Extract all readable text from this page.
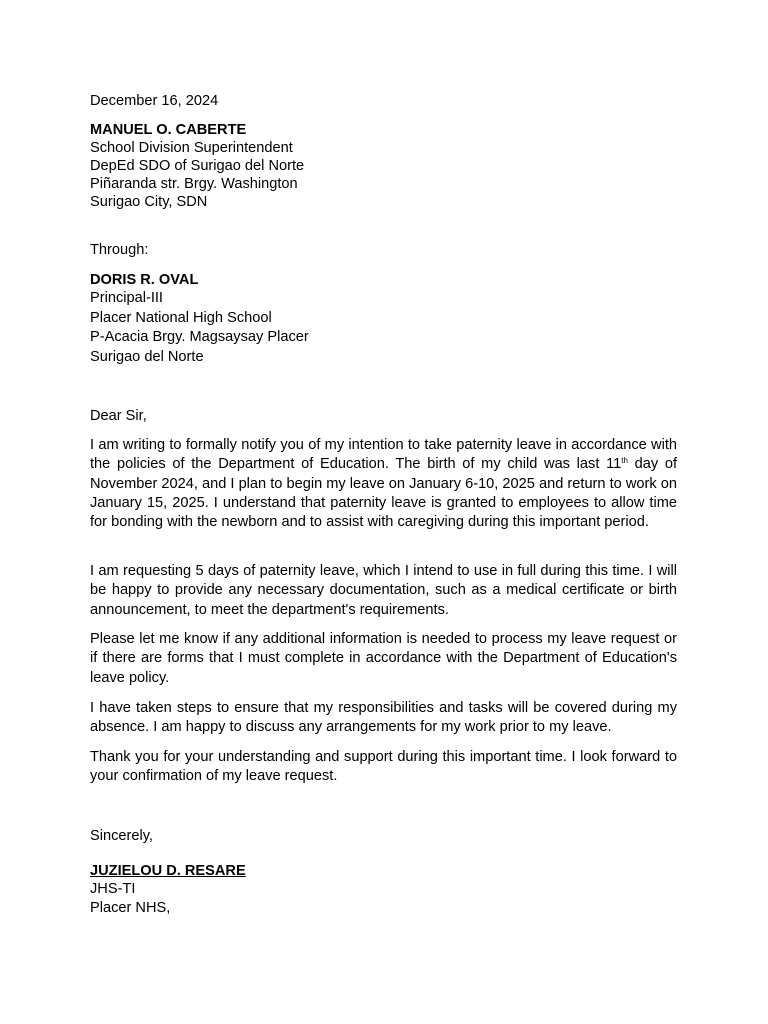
December 16, 2024
MANUEL O. CABERTE
School Division Superintendent
DepEd SDO of Surigao del Norte
Piñaranda str. Brgy. Washington
Surigao City, SDN
Through:
DORIS R. OVAL
Principal-III
Placer National High School
P-Acacia Brgy. Magsaysay Placer
Surigao del Norte
Dear Sir,

I am writing to formally notify you of my intention to take paternity leave in accordance with the policies of the Department of Education. The birth of my child was last 11th day of November 2024, and I plan to begin my leave on January 6-10, 2025 and return to work on January 15, 2025. I understand that paternity leave is granted to employees to allow time for bonding with the newborn and to assist with caregiving during this important period.

I am requesting 5 days of paternity leave, which I intend to use in full during this time. I will be happy to provide any necessary documentation, such as a medical certificate or birth announcement, to meet the department's requirements.

Please let me know if any additional information is needed to process my leave request or if there are forms that I must complete in accordance with the Department of Education's leave policy.

I have taken steps to ensure that my responsibilities and tasks will be covered during my absence. I am happy to discuss any arrangements for my work prior to my leave.

Thank you for your understanding and support during this important time. I look forward to your confirmation of my leave request.

Sincerely,
JUZIELOU D. RESARE
JHS-TI
Placer NHS,
